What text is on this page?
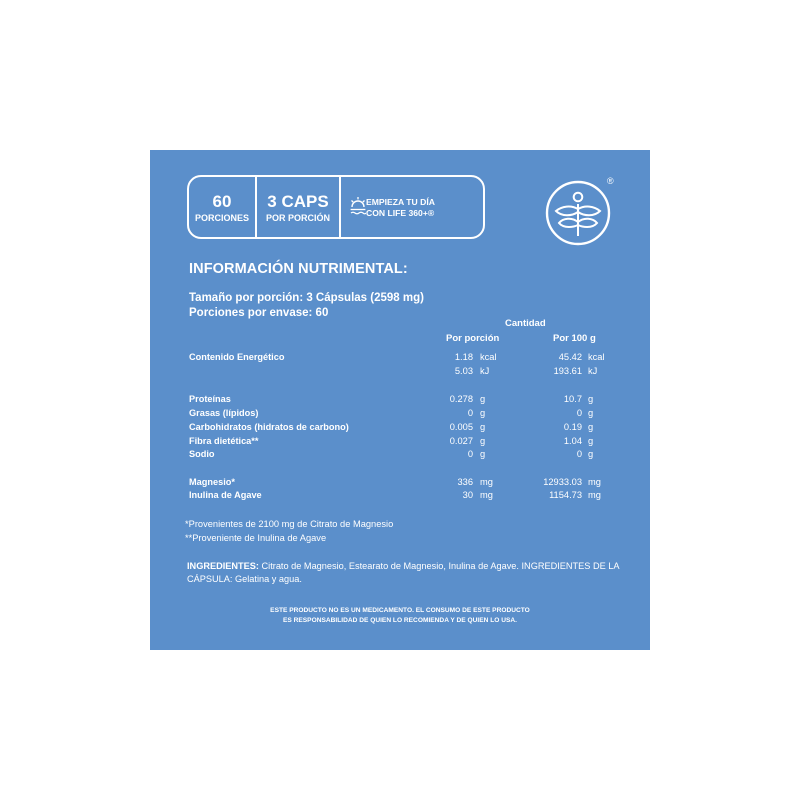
60
PORCIONES
3 CAPS
POR PORCIÓN
EMPIEZA TU DÍA
CON LIFE 360+®
®
INFORMACIÓN NUTRIMENTAL:
Tamaño por porción: 3 Cápsulas (2598 mg)
Porciones por envase: 60
Cantidad
Por porción	Por 100 g
Contenido Energético	1.18 kcal	45.42 kcal
5.03 kJ	193.61 kJ
Proteínas	0.278 g	10.7 g
Grasas (lípidos)	0 g	0 g
Carbohidratos (hidratos de carbono)	0.005 g	0.19 g
Fibra dietética**	0.027 g	1.04 g
Sodio	0 g	0 g
Magnesio*	336 mg	12933.03 mg
Inulina de Agave	30 mg	1154.73 mg
*Provenientes de 2100 mg de Citrato de Magnesio
**Proveniente de Inulina de Agave
INGREDIENTES: Citrato de Magnesio, Estearato de Magnesio, Inulina de Agave. INGREDIENTES DE LA CÁPSULA: Gelatina y agua.
ESTE PRODUCTO NO ES UN MEDICAMENTO. EL CONSUMO DE ESTE PRODUCTO
ES RESPONSABILIDAD DE QUIEN LO RECOMIENDA Y DE QUIEN LO USA.
